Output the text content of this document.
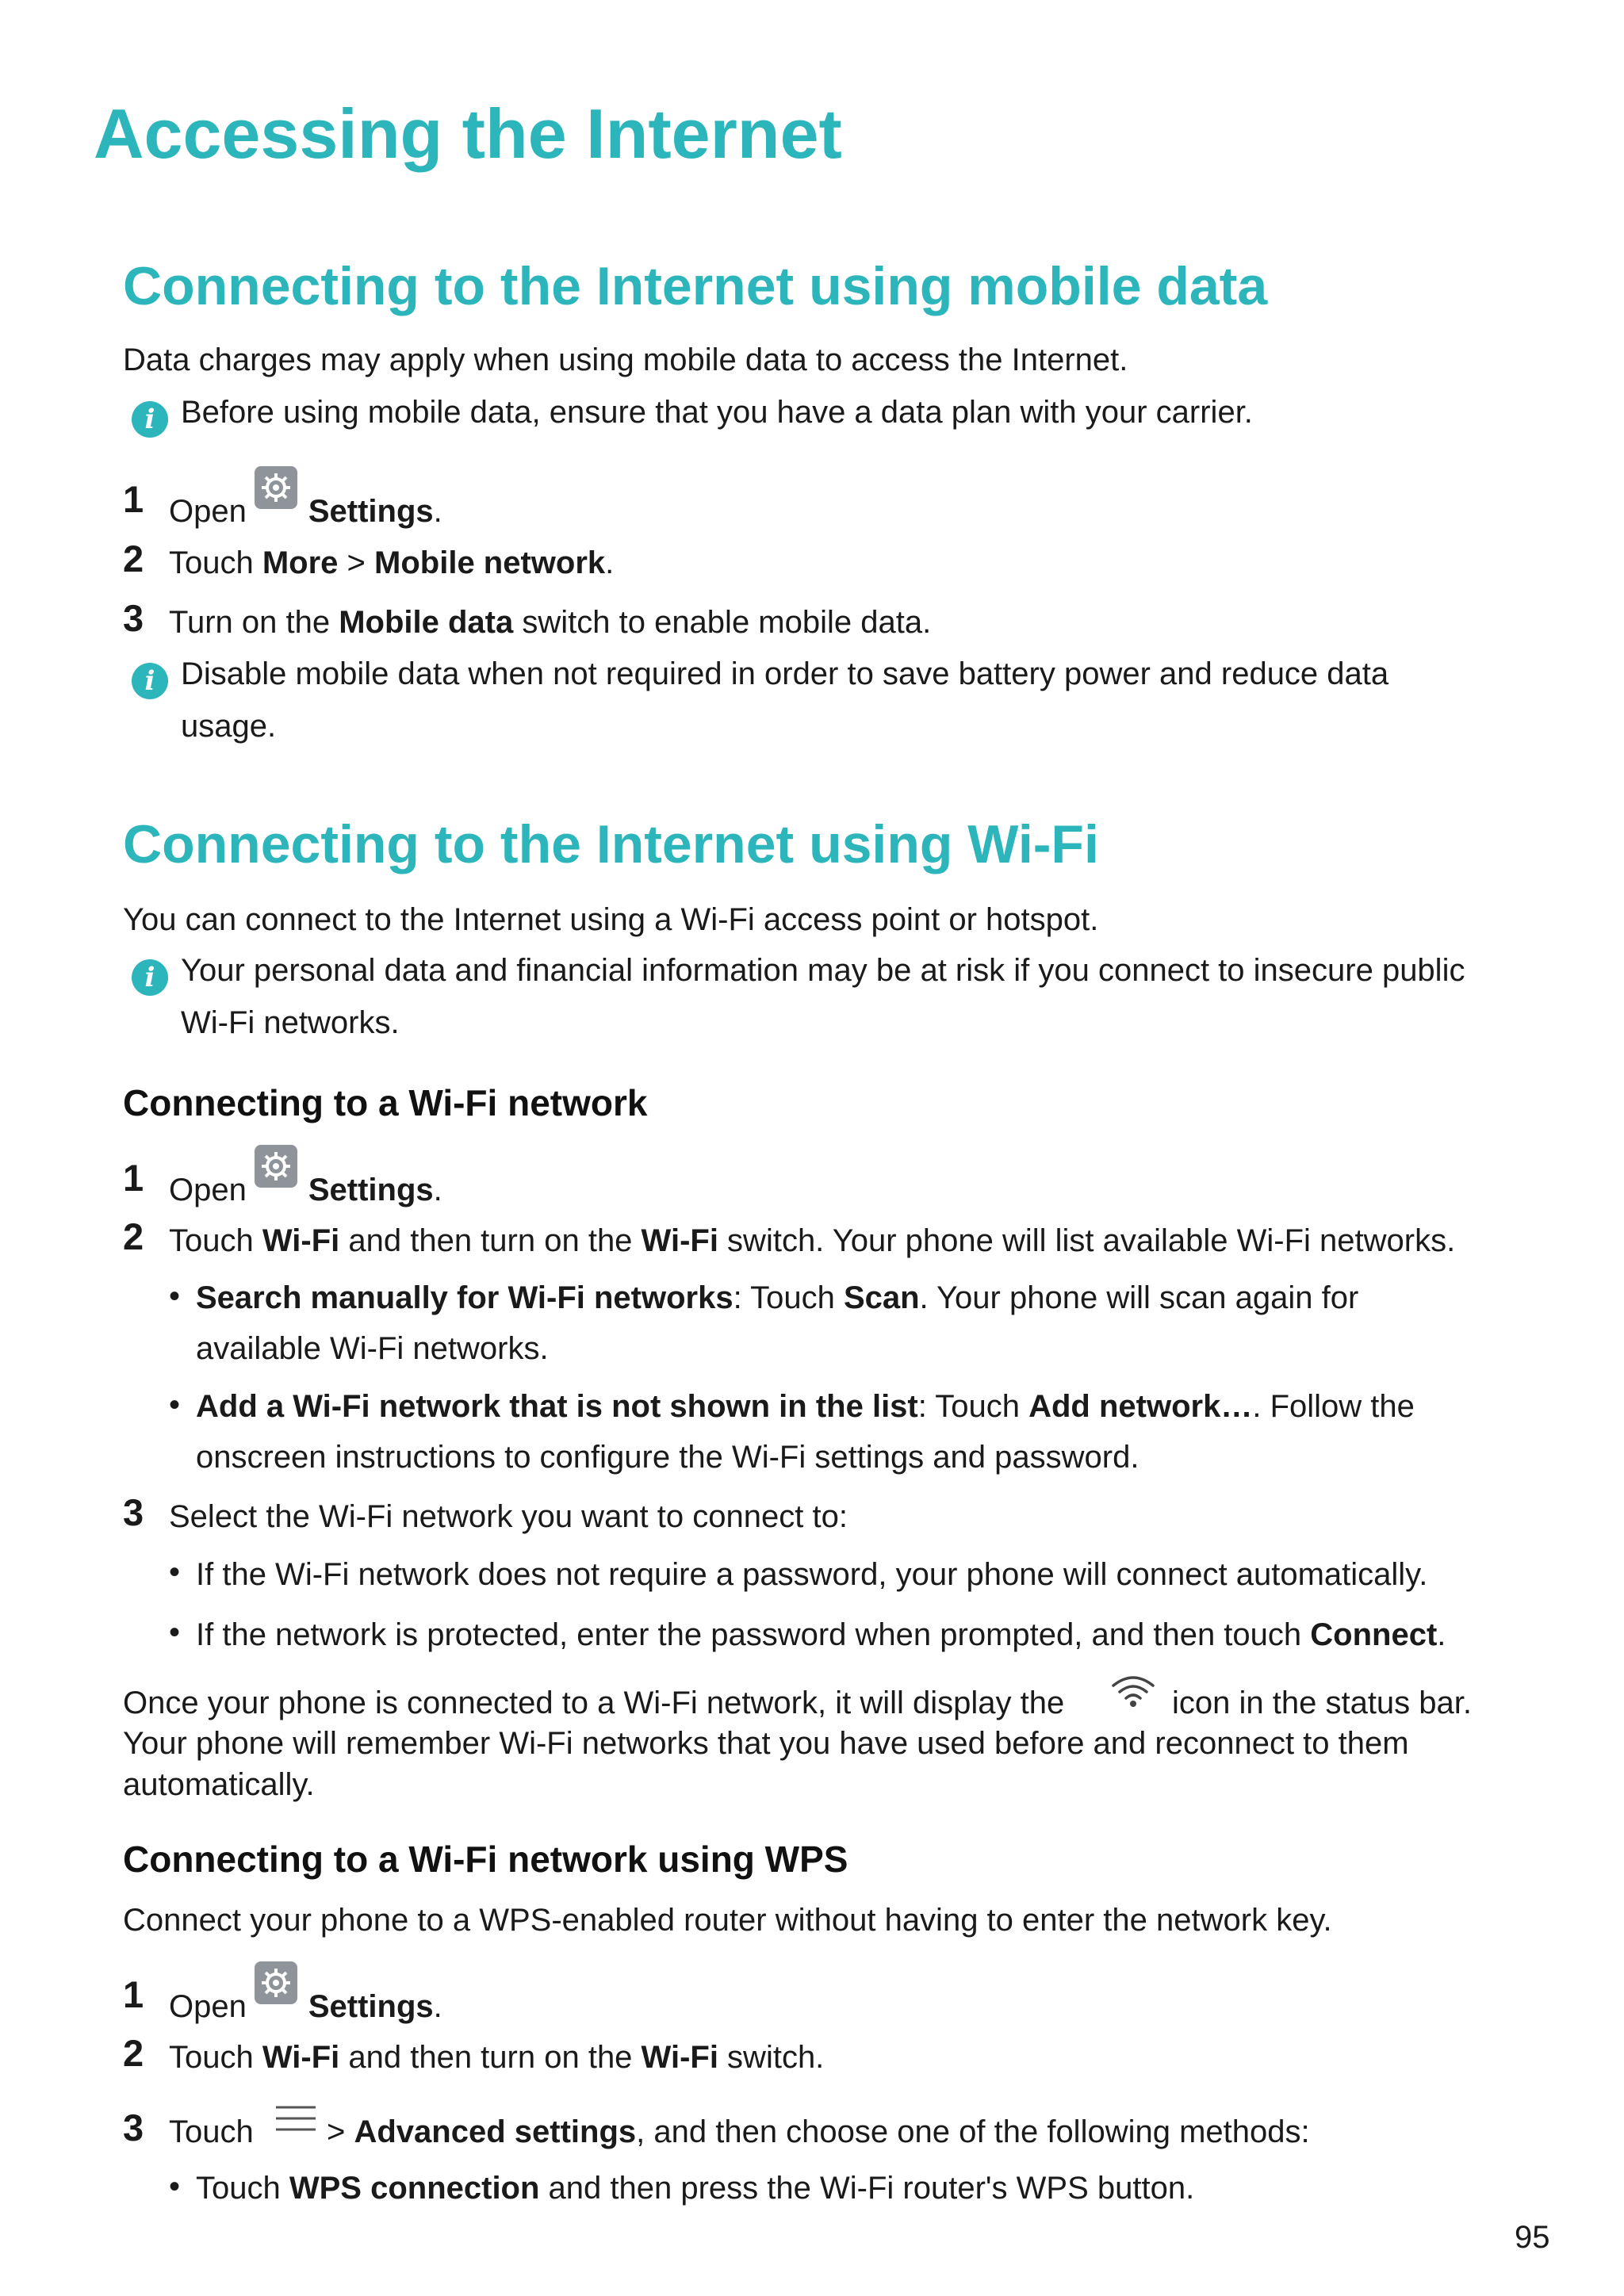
Accessing the Internet
Connecting to the Internet using mobile data
Data charges may apply when using mobile data to access the Internet.
i Before using mobile data, ensure that you have a data plan with your carrier.
1 Open Settings.
2 Touch More > Mobile network.
3 Turn on the Mobile data switch to enable mobile data.
i Disable mobile data when not required in order to save battery power and reduce data
usage.
Connecting to the Internet using Wi-Fi
You can connect to the Internet using a Wi-Fi access point or hotspot.
i Your personal data and financial information may be at risk if you connect to insecure public
Wi-Fi networks.
Connecting to a Wi-Fi network
1 Open Settings.
2 Touch Wi-Fi and then turn on the Wi-Fi switch. Your phone will list available Wi-Fi networks.
• Search manually for Wi-Fi networks: Touch Scan. Your phone will scan again for
available Wi-Fi networks.
• Add a Wi-Fi network that is not shown in the list: Touch Add network…. Follow the
onscreen instructions to configure the Wi-Fi settings and password.
3 Select the Wi-Fi network you want to connect to:
• If the Wi-Fi network does not require a password, your phone will connect automatically.
• If the network is protected, enter the password when prompted, and then touch Connect.
Once your phone is connected to a Wi-Fi network, it will display the	icon in the status bar.
Your phone will remember Wi-Fi networks that you have used before and reconnect to them
automatically.
Connecting to a Wi-Fi network using WPS
Connect your phone to a WPS-enabled router without having to enter the network key.
1 Open Settings.
2 Touch Wi-Fi and then turn on the Wi-Fi switch.
3 Touch > Advanced settings, and then choose one of the following methods:
• Touch WPS connection and then press the Wi-Fi router's WPS button.
95
